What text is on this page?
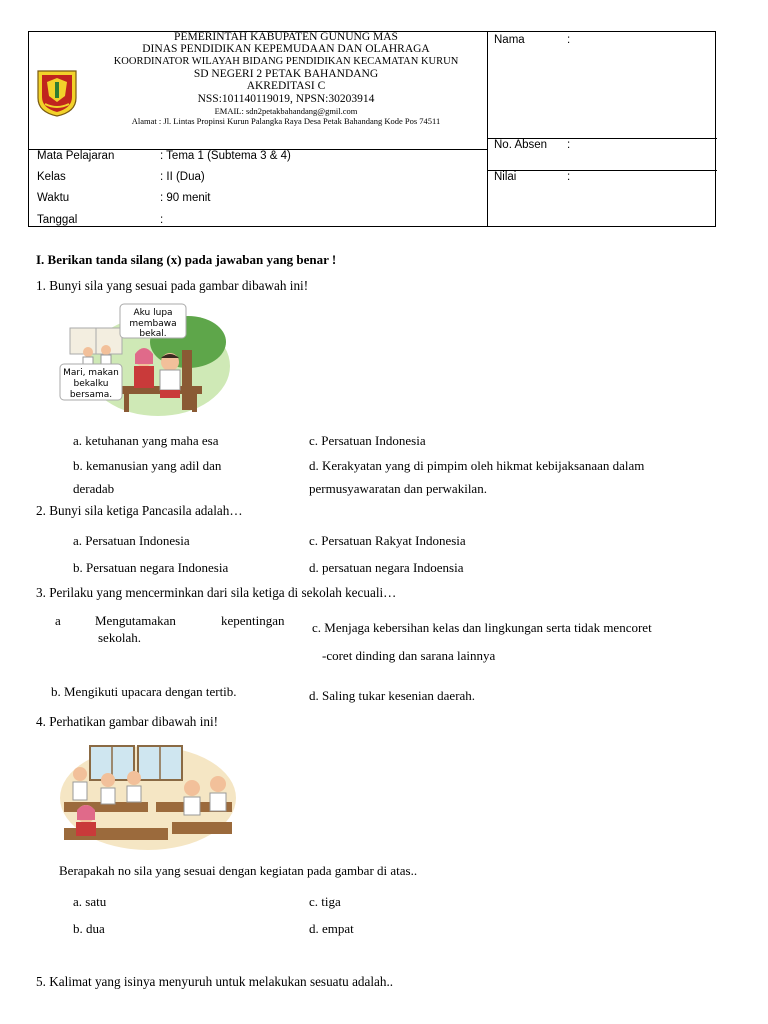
PEMERINTAH KABUPATEN GUNUNG MAS
DINAS PENDIDIKAN KEPEMUDAAN DAN OLAHRAGA
KOORDINATOR WILAYAH BIDANG PENDIDIKAN KECAMATAN KURUN
SD NEGERI 2 PETAK BAHANDANG
AKREDITASI C
NSS:101140119019, NPSN:30203914
EMAIL: sdn2petakbahandang@gmil.com
Alamat : Jl. Lintas Propinsi Kurun Palangka Raya Desa Petak Bahandang Kode Pos 74511
Mata Pelajaran	: Tema 1 (Subtema 3 & 4)
Kelas	: II (Dua)
Waktu	: 90 menit
Tanggal	:
Nama	:
No. Absen :
Nilai	:
I. Berikan tanda silang (x) pada jawaban yang benar !
1. Bunyi sila yang sesuai pada gambar dibawah ini!
Aku lupa
membawa
bekal.
Mari, makan
bekalku
bersama.
a. ketuhanan yang maha esa
b. kemanusian yang adil dan
deradab
c. Persatuan Indonesia
d. Kerakyatan yang di pimpim oleh hikmat kebijaksanaan dalam
permusyawaratan dan perwakilan.
2. Bunyi sila ketiga Pancasila adalah…
a. Persatuan Indonesia
b. Persatuan negara Indonesia
c. Persatuan Rakyat Indonesia
d. persatuan negara Indoensia
3. Perilaku yang mencerminkan dari sila ketiga di sekolah kecuali…
a	Mengutamakan	kepentingan
sekolah.
b. Mengikuti upacara dengan tertib.
c. Menjaga kebersihan kelas dan lingkungan serta tidak mencoret
-coret dinding dan sarana lainnya
d. Saling tukar kesenian daerah.
4. Perhatikan gambar dibawah ini!
Berapakah no sila yang sesuai dengan kegiatan pada gambar di atas..
a. satu
b. dua
c. tiga
d. empat
5. Kalimat yang isinya menyuruh untuk melakukan sesuatu adalah..
